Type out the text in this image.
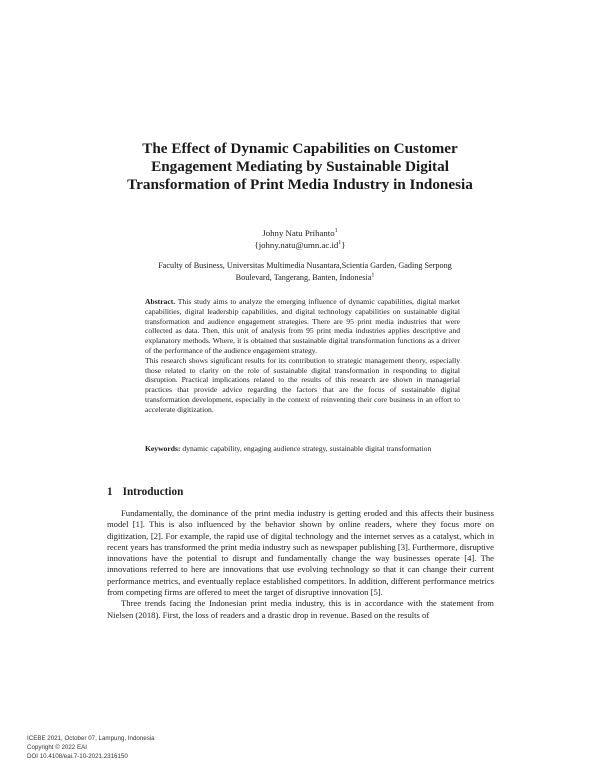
The Effect of Dynamic Capabilities on Customer Engagement Mediating by Sustainable Digital Transformation of Print Media Industry in Indonesia
Johny Natu Prihanto$^1$
$\{johny.natu@umn.ac.id^1\}$
Faculty of Business, Universitas Multimedia Nusantara,Scientia Garden, Gading Serpong Boulevard, Tangerang, Banten, Indonesia$^1$

Abstract. This study aims to analyze the emerging influence of dynamic capabilities, digital market capabilities, digital leadership capabilities, and digital technology capabilities on sustainable digital transformation and audience engagement strategies. There are 95 print media industries that were collected as data. Then, this unit of analysis from 95 print media industries applies descriptive and explanatory methods. Where, it is obtained that sustainable digital transformation functions as a driver of the performance of the audience engagement strategy.

This research shows significant results for its contribution to strategic management theory, especially those related to clarity on the role of sustainable digital transformation in responding to digital disruption. Practical implications related to the results of this research are shown in managerial practices that provide advice regarding the factors that are the focus of sustainable digital transformation development, especially in the context of reinventing their core business in an effort to accelerate digitization.

Keywords: dynamic capability, engaging audience strategy, sustainable digital transformation
1 Introduction

Fundamentally, the dominance of the print media industry is getting eroded and this affects their business model [1]. This is also influenced by the behavior shown by online readers, where they focus more on digitization, [2]. For example, the rapid use of digital technology and the internet serves as a catalyst, which in recent years has transformed the print media industry such as newspaper publishing [3]. Furthermore, disruptive innovations have the potential to disrupt and fundamentally change the way businesses operate [4]. The innovations referred to here are innovations that use evolving technology so that it can change their current performance metrics, and eventually replace established competitors. In addition, different performance metrics from competing firms are offered to meet the target of disruptive innovation [5].

Three trends facing the Indonesian print media industry, this is in accordance with the statement from Nielsen (2018). First, the loss of readers and a drastic drop in revenue. Based on the results of

ICEBE 2021, October 07, Lampung, Indonesia
Copyright © 2022 EAI
DOI 10.4108/eai.7-10-2021.2316150
